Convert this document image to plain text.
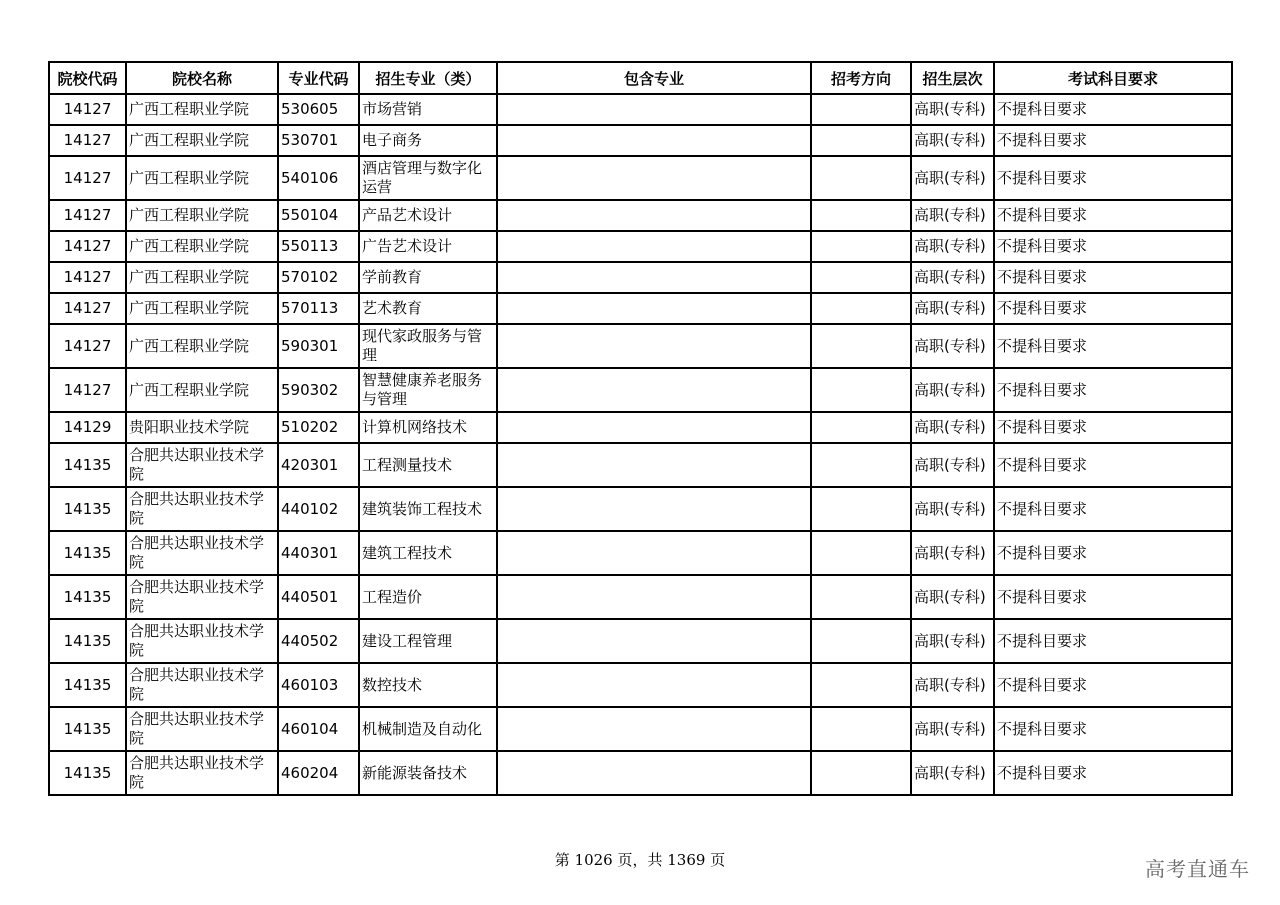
院校代码	院校名称	专业代码	招生专业（类）	包含专业	招考方向	招生层次	考试科目要求
14127	广西工程职业学院	530605	市场营销			高职(专科)	不提科目要求
14127	广西工程职业学院	530701	电子商务			高职(专科)	不提科目要求
14127	广西工程职业学院	540106	酒店管理与数字化运营			高职(专科)	不提科目要求
14127	广西工程职业学院	550104	产品艺术设计			高职(专科)	不提科目要求
14127	广西工程职业学院	550113	广告艺术设计			高职(专科)	不提科目要求
14127	广西工程职业学院	570102	学前教育			高职(专科)	不提科目要求
14127	广西工程职业学院	570113	艺术教育			高职(专科)	不提科目要求
14127	广西工程职业学院	590301	现代家政服务与管理			高职(专科)	不提科目要求
14127	广西工程职业学院	590302	智慧健康养老服务与管理			高职(专科)	不提科目要求
14129	贵阳职业技术学院	510202	计算机网络技术			高职(专科)	不提科目要求
14135	合肥共达职业技术学院	420301	工程测量技术			高职(专科)	不提科目要求
14135	合肥共达职业技术学院	440102	建筑装饰工程技术			高职(专科)	不提科目要求
14135	合肥共达职业技术学院	440301	建筑工程技术			高职(专科)	不提科目要求
14135	合肥共达职业技术学院	440501	工程造价			高职(专科)	不提科目要求
14135	合肥共达职业技术学院	440502	建设工程管理			高职(专科)	不提科目要求
14135	合肥共达职业技术学院	460103	数控技术			高职(专科)	不提科目要求
14135	合肥共达职业技术学院	460104	机械制造及自动化			高职(专科)	不提科目要求
14135	合肥共达职业技术学院	460204	新能源装备技术			高职(专科)	不提科目要求
第 1026 页，共 1369 页	高考直通车
